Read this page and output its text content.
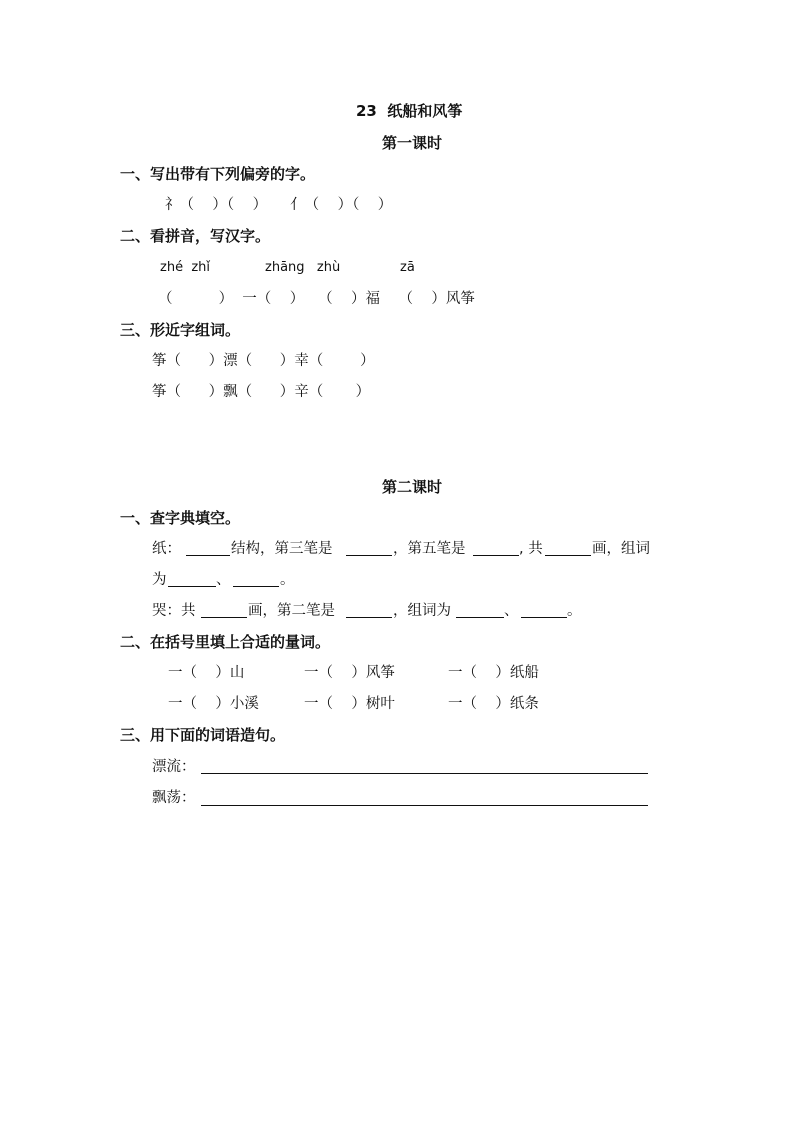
23  纸船和风筝
第一课时
一、写出带有下列偏旁的字。
礻（    ）（    ）     亻（    ）（    ）
二、看拼音，写汉字。
zhé  zhǐ	zhāng   zhù	zā
（          ）  一（    ）   （    ）福    （    ）风筝
三、形近字组词。
筝（      ）漂（      ）幸（        ）
筝（      ）飘（      ）辛（       ）
第二课时
一、查字典填空。
纸：	结构，第三笔是	，第五笔是	, 共	画，组词
为	、	。
哭：共	画，第二笔是	，组词为	、	。
二、在括号里填上合适的量词。
一（    ）山	一（    ）风筝	一（    ）纸船
一（    ）小溪	一（    ）树叶	一（    ）纸条
三、用下面的词语造句。
漂流：
飘荡：
